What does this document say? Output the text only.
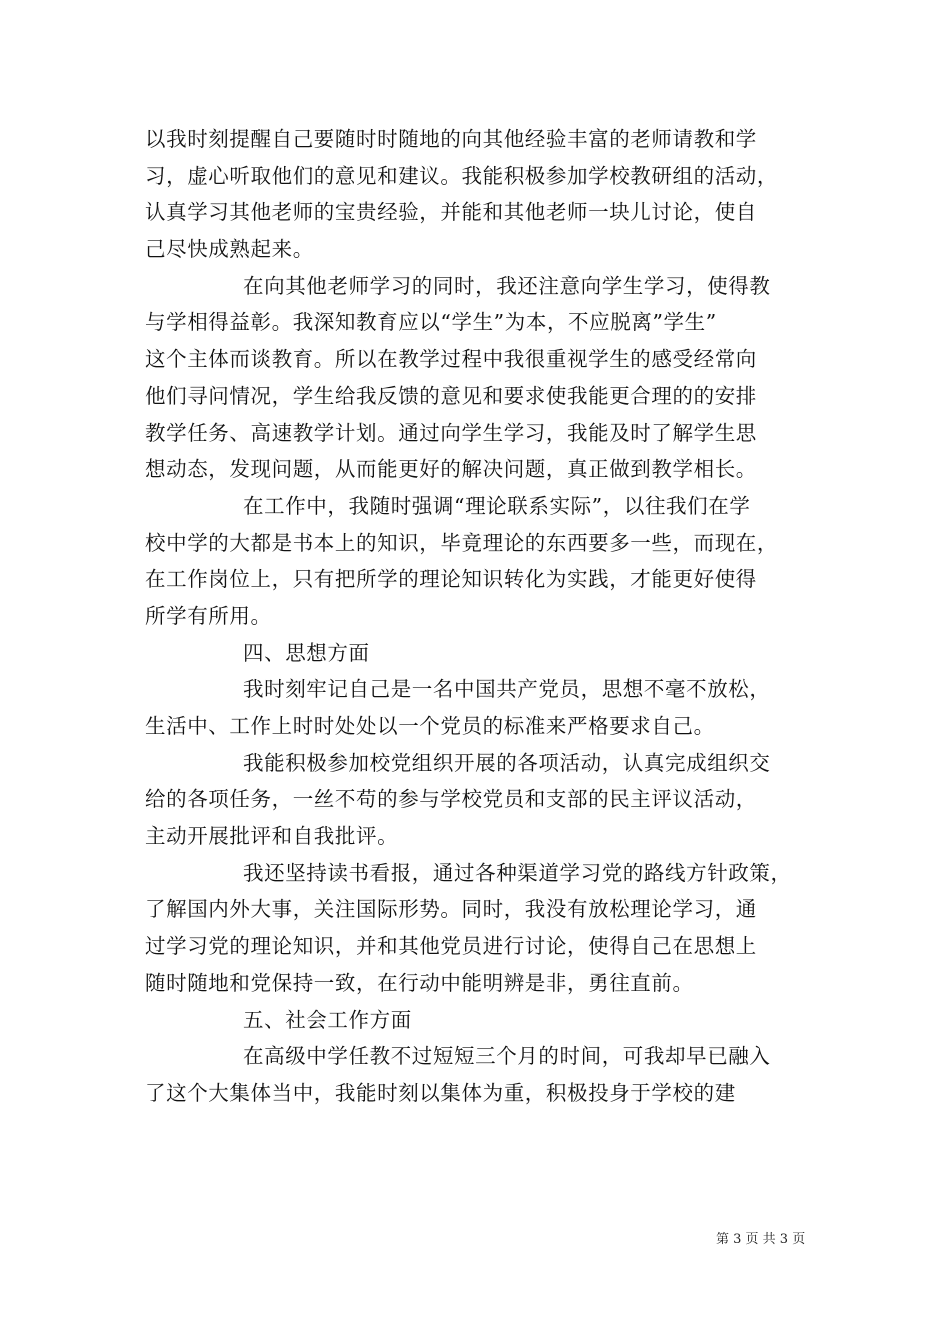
以我时刻提醒自己要随时时随地的向其他经验丰富的老师请教和学
习，虚心听取他们的意见和建议。我能积极参加学校教研组的活动，
认真学习其他老师的宝贵经验，并能和其他老师一块儿讨论，使自
己尽快成熟起来。
在向其他老师学习的同时，我还注意向学生学习，使得教
与学相得益彰。我深知教育应以“学生”为本，不应脱离”学生”
这个主体而谈教育。所以在教学过程中我很重视学生的感受经常向
他们寻问情况，学生给我反馈的意见和要求使我能更合理的的安排
教学任务、高速教学计划。通过向学生学习，我能及时了解学生思
想动态，发现问题，从而能更好的解决问题，真正做到教学相长。
在工作中，我随时强调“理论联系实际”，以往我们在学
校中学的大都是书本上的知识，毕竟理论的东西要多一些，而现在，
在工作岗位上，只有把所学的理论知识转化为实践，才能更好使得
所学有所用。
四、思想方面
我时刻牢记自己是一名中国共产党员，思想不毫不放松，
生活中、工作上时时处处以一个党员的标准来严格要求自己。
我能积极参加校党组织开展的各项活动，认真完成组织交
给的各项任务，一丝不苟的参与学校党员和支部的民主评议活动，
主动开展批评和自我批评。
我还坚持读书看报，通过各种渠道学习党的路线方针政策，
了解国内外大事，关注国际形势。同时，我没有放松理论学习，通
过学习党的理论知识，并和其他党员进行讨论，使得自己在思想上
随时随地和党保持一致，在行动中能明辨是非，勇往直前。
五、社会工作方面
在高级中学任教不过短短三个月的时间，可我却早已融入
了这个大集体当中，我能时刻以集体为重，积极投身于学校的建
第 3 页 共 3 页
